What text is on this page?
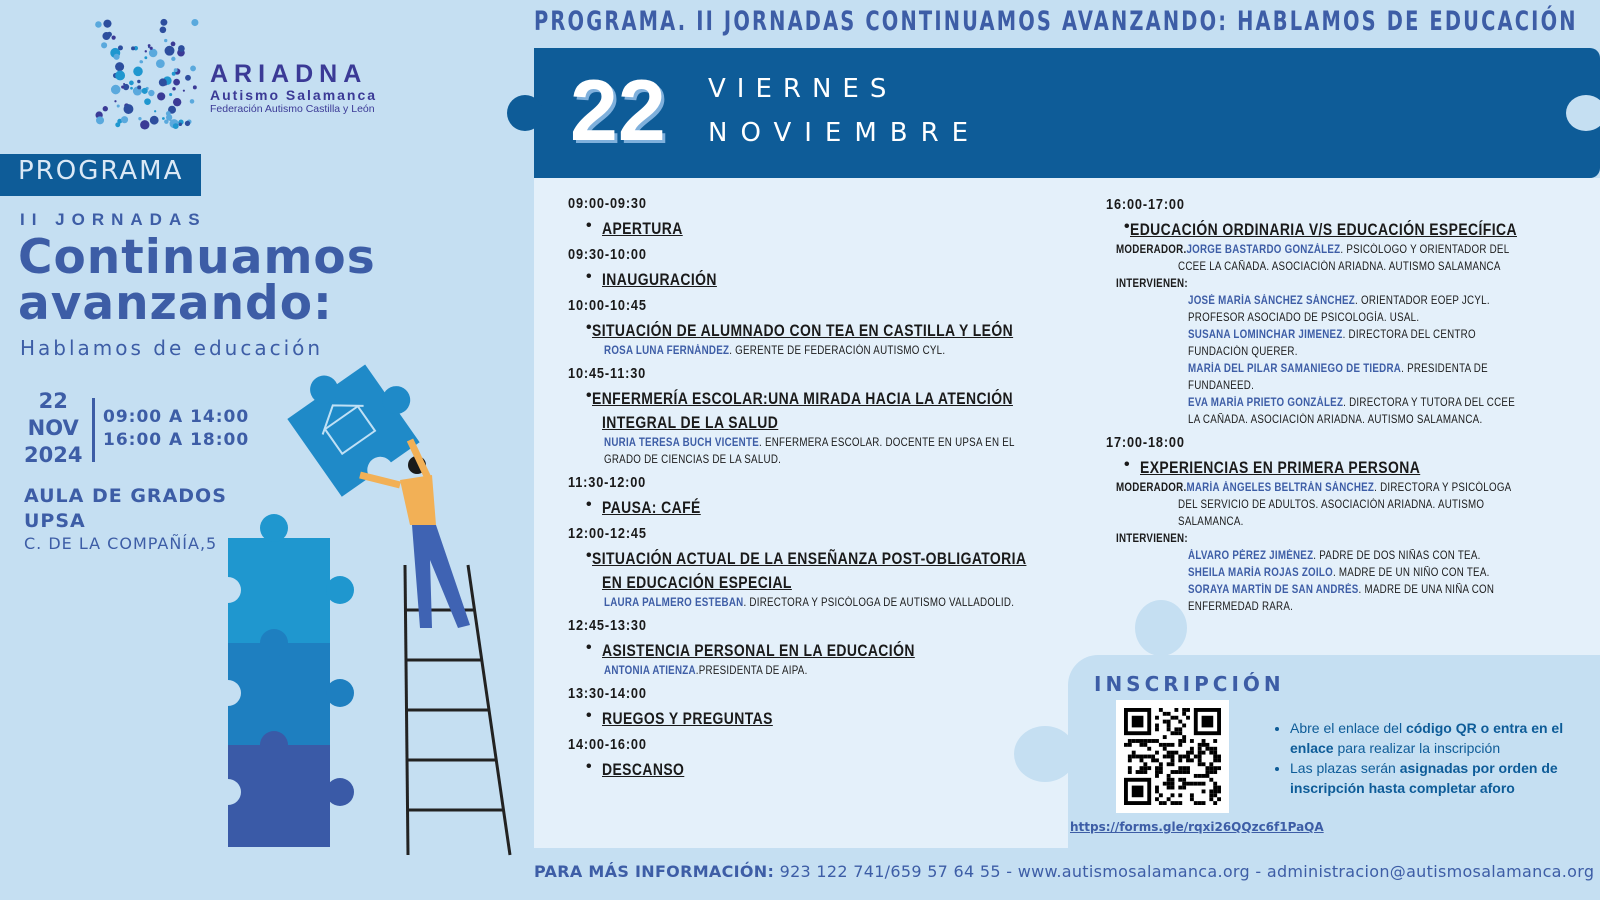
ARIADNA
Autismo Salamanca
Federación Autismo Castilla y León
PROGRAMA
II JORNADAS
Continuamos
avanzando:
Hablamos de educación
22
NOV
2024
09:00 A 14:00
16:00 A 18:00
AULA DE GRADOS
UPSA
C. DE LA COMPAÑÍA,5
PROGRAMA. II JORNADAS CONTINUAMOS AVANZANDO: HABLAMOS DE EDUCACIÓN
22 VIERNES
NOVIEMBRE
09:00-09:30
• APERTURA
09:30-10:00
• INAUGURACIÓN
10:00-10:45
• SITUACIÓN DE ALUMNADO CON TEA EN CASTILLA Y LEÓN
ROSA LUNA FERNÁNDEZ. GERENTE DE FEDERACIÓN AUTISMO CYL.
10:45-11:30
• ENFERMERÍA ESCOLAR:UNA MIRADA HACIA LA ATENCIÓN
INTEGRAL DE LA SALUD
NURIA TERESA BUCH VICENTE. ENFERMERA ESCOLAR. DOCENTE EN UPSA EN EL
GRADO DE CIENCIAS DE LA SALUD.
11:30-12:00
• PAUSA: CAFÉ
12:00-12:45
• SITUACIÓN ACTUAL DE LA ENSEÑANZA POST-OBLIGATORIA
EN EDUCACIÓN ESPECIAL
LAURA PALMERO ESTEBAN. DIRECTORA Y PSICÓLOGA DE AUTISMO VALLADOLID.
12:45-13:30
• ASISTENCIA PERSONAL EN LA EDUCACIÓN
ANTONIA ATIENZA.PRESIDENTA DE AIPA.
13:30-14:00
• RUEGOS Y PREGUNTAS
14:00-16:00
• DESCANSO
16:00-17:00
• EDUCACIÓN ORDINARIA V/S EDUCACIÓN ESPECÍFICA
MODERADOR.JORGE BASTARDO GONZÁLEZ. PSICÓLOGO Y ORIENTADOR DEL
CCEE LA CAÑADA. ASOCIACIÓN ARIADNA. AUTISMO SALAMANCA
INTERVIENEN:
JOSÉ MARÍA SÁNCHEZ SÁNCHEZ. ORIENTADOR EOEP JCYL.
PROFESOR ASOCIADO DE PSICOLOGÍA. USAL.
SUSANA LOMINCHAR JIMENEZ. DIRECTORA DEL CENTRO
FUNDACIÓN QUERER.
MARÍA DEL PILAR SAMANIEGO DE TIEDRA. PRESIDENTA DE
FUNDANEED.
EVA MARÍA PRIETO GONZÁLEZ. DIRECTORA Y TUTORA DEL CCEE
LA CAÑADA. ASOCIACIÓN ARIADNA. AUTISMO SALAMANCA.
17:00-18:00
• EXPERIENCIAS EN PRIMERA PERSONA
MODERADOR.MARÍA ÁNGELES BELTRÁN SÁNCHEZ. DIRECTORA Y PSICÓLOGA
DEL SERVICIO DE ADULTOS. ASOCIACIÓN ARIADNA. AUTISMO
SALAMANCA.
INTERVIENEN:
ÁLVARO PÉREZ JIMÉNEZ. PADRE DE DOS NIÑAS CON TEA.
SHEILA MARÍA ROJAS ZOILO. MADRE DE UN NIÑO CON TEA.
SORAYA MARTÍN DE SAN ANDRÉS. MADRE DE UNA NIÑA CON
ENFERMEDAD RARA.
INSCRIPCIÓN
• Abre el enlace del código QR o entra en el enlace para realizar la inscripción
• Las plazas serán asignadas por orden de inscripción hasta completar aforo
https://forms.gle/rqxi26QQzc6f1PaQA
PARA MÁS INFORMACIÓN: 923 122 741/659 57 64 55 - www.autismosalamanca.org - administracion@autismosalamanca.org
